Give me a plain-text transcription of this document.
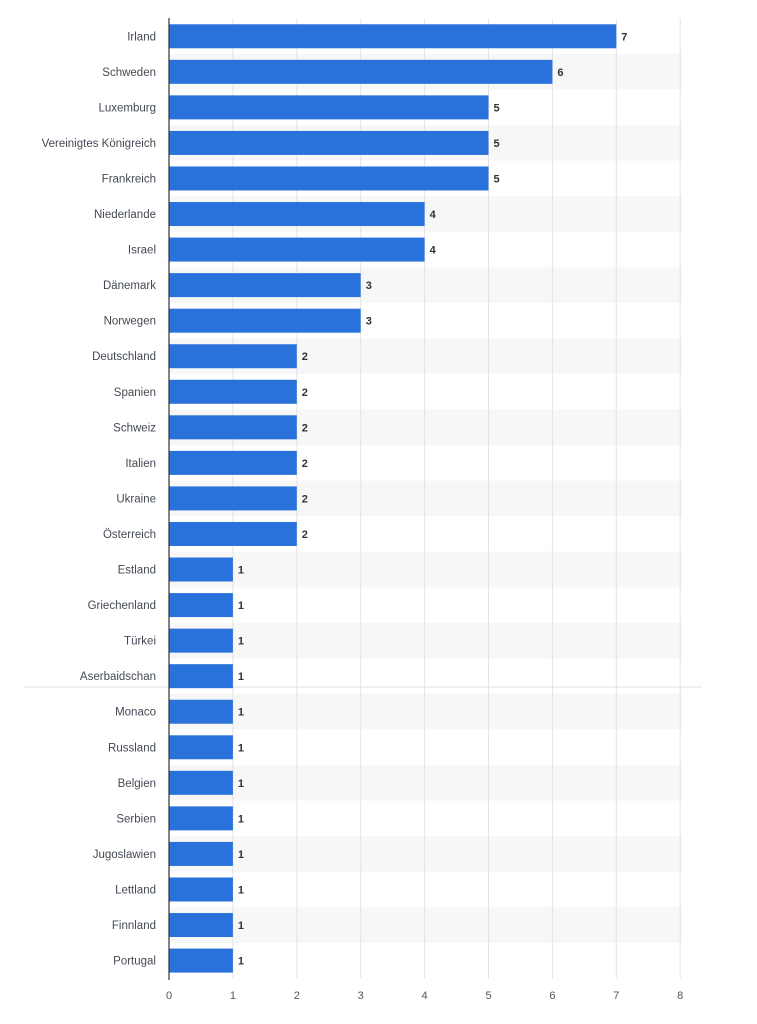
Irland
Schweden
Luxemburg
Vereinigtes Königreich
Frankreich
Niederlande
Israel
Dänemark
Norwegen
Deutschland
Spanien
Schweiz
Italien
Ukraine
Österreich
Estland
Griechenland
Türkei
Aserbaidschan
Monaco
Russland
Belgien
Serbien
Jugoslawien
Lettland
Finnland
Portugal
7
6
5
5
5
4
4
3
3
2
2
2
2
2
2
1
1
1
1
1
1
1
1
1
1
1
1
0	1	2	3	4	5	6	7	8
